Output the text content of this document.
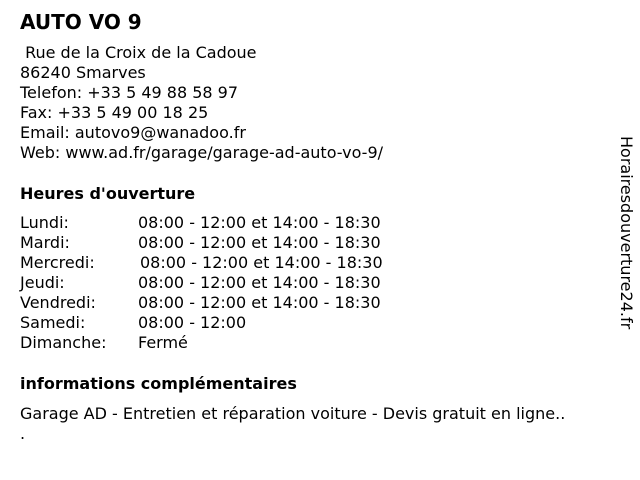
AUTO VO 9
Rue de la Croix de la Cadoue
86240 Smarves
Telefon: +33 5 49 88 58 97
Fax: +33 5 49 00 18 25
Email: autovo9@wanadoo.fr
Web: www.ad.fr/garage/garage-ad-auto-vo-9/
Heures d'ouverture
Lundi:	08:00 - 12:00 et 14:00 - 18:30
Mardi:	08:00 - 12:00 et 14:00 - 18:30
Mercredi:	08:00 - 12:00 et 14:00 - 18:30
Jeudi:	08:00 - 12:00 et 14:00 - 18:30
Vendredi:	08:00 - 12:00 et 14:00 - 18:30
Samedi:	08:00 - 12:00
Dimanche: Fermé
informations complémentaires
Garage AD - Entretien et réparation voiture - Devis gratuit en ligne..
.
Horairesdouverture24.fr
